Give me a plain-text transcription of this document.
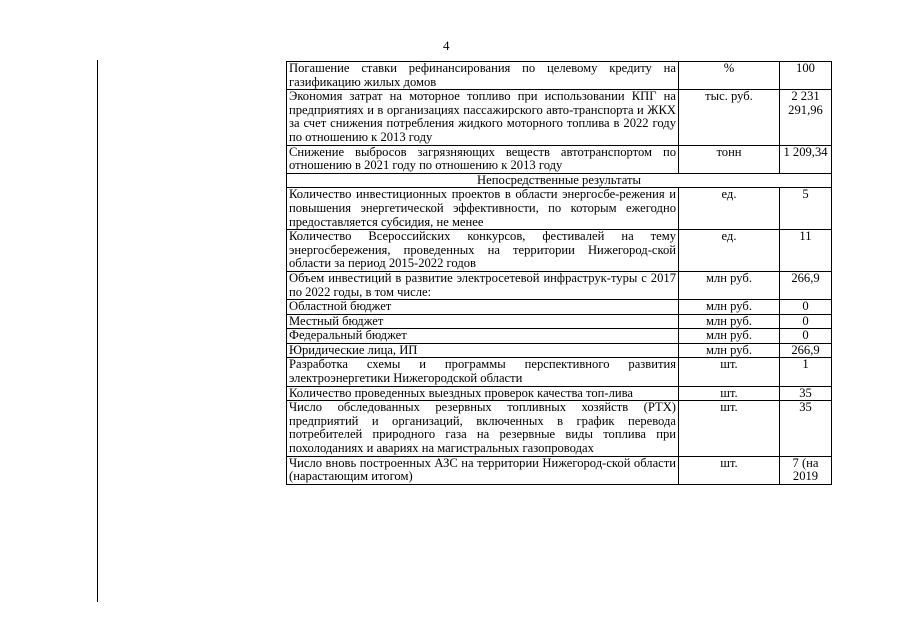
4
Погашение ставки рефинансирования по целевому кредиту на газификацию жилых домов	%	100
Экономия затрат на моторное топливо при использовании КПГ на предприятиях и в организациях пассажирского авто-транспорта и ЖКХ за счет снижения потребления жидкого моторного топлива в 2022 году по отношению к 2013 году	тыс. руб.	2 231 291,96
Снижение выбросов загрязняющих веществ автотранспортом по отношению в 2021 году по отношению к 2013 году	тонн	1 209,34
Непосредственные результаты		
Количество инвестиционных проектов в области энергосбе-режения и повышения энергетической эффективности, по которым ежегодно предоставляется субсидия, не менее	ед.	5
Количество Всероссийских конкурсов, фестивалей на тему энергосбережения, проведенных на территории Нижегород-ской области за период 2015-2022 годов	ед.	11
Объем инвестиций в развитие электросетевой инфраструк-туры с 2017 по 2022 годы, в том числе:	млн руб.	266,9
Областной бюджет	млн руб.	0
Местный бюджет	млн руб.	0
Федеральный бюджет	млн руб.	0
Юридические лица, ИП	млн руб.	266,9
Разработка схемы и программы перспективного развития электроэнергетики Нижегородской области	шт.	1
Количество проведенных выездных проверок качества топ-лива	шт.	35
Число обследованных резервных топливных хозяйств (РТХ) предприятий и организаций, включенных в график перевода потребителей природного газа на резервные виды топлива при похолоданиях и авариях на магистральных газопроводах	шт.	35
Число вновь построенных АЗС на территории Нижегород-ской области (нарастающим итогом)	шт.	7 (на 2019
